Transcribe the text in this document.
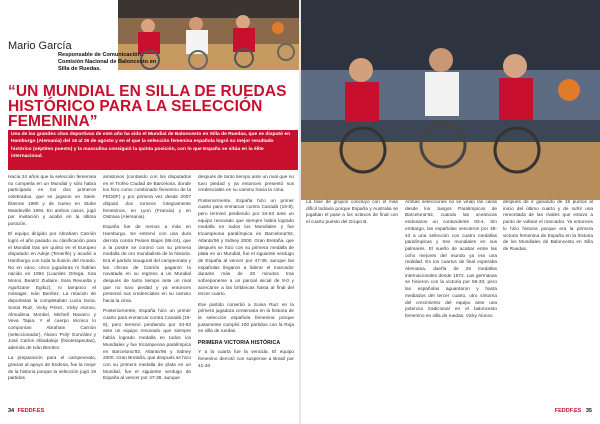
Mario García
Responsable de Comunicación. Comisión Nacional de Baloncesto en Silla de Ruedas.
“UN MUNDIAL EN SILLA DE RUEDAS HISTÓRICO PARA LA SELECCIÓN FEMENINA”
Una de las grandes citas deportivas de este año ha sido el Mundial de Baloncesto en Silla de Ruedas, que se disputó en Hamburgo (Alemania) del 16 al 26 de agosto y en el que la selección femenina española logró su mejor resultado histórico (séptimo puesto) y la masculina consiguió la quinta posición, con lo que España se sitúa en la élite internacional.

Hacía 24 años que la selección femenina no competía en un Mundial y sólo había participado en los dos primeros celebrados, que se jugaron en Saint-Étienne 1990 y de nuevo en Stoke Mandeville 1994. En ambos casos, jugó por invitación y acabó en la última posición.

El equipo dirigido por Abraham Carrión logró el año pasado su clasificación para el Mundial tras ser quinto en el Europeo disputado en Adeje (Tenerife) y acudió a Hamburgo con toda la ilusión del mundo. No en vano, cinco jugadoras ni habían nacido en 1994 (Lourdes Ortega, Sira Moros, Beatriz Zudaire, Sara Revuelta y Agurtzane Egiluz), ni tampoco el mánager, Iván Benítez. La relación de deportistas la completaban Lucía Soria, Sonia Ruiz, Vicky Pérez, Vicky Alonso, Almudena Montiel, Michell Navarro y Veva Tapia. Y el cuerpo técnico lo componían Abraham Carrión (seleccionador), Álvaro ‘Poly’ González y José Carlos Albadalejo (fisioterapeutas), además de Iván Benítez.

La preparación para el campeonato, gracias al apoyo de Endesa, fue la mejor de la historia porque la selección jugó 19 partidos

amistosos (contando con los disputados en el Trofeo Ciudad de Barcelona, donde los hizo como combinado femenino de la FEDDF) y por primera vez desde 2007 disputó dos torneos íntegramente femeninos, en Lyon (Francia) y en Ostrava (Alemania).

España fue de menos a más en Hamburgo. Se estrenó con una dura derrota contra Países Bajos (86-24), que a la postre se coronó con su primera medalla de oro mundialista de la historia. Era el partido inaugural del campeonato y las chicas de Carrión pagaron la novatada en su regreso a un Mundial después de tanto tiempo ante un rival que no tuvo piedad y ya entonces presentó sus credenciales en su camino hacia la cima.

Posteriormente, España hizo un primer cuarto para enmarcar contra Canadá (19-8), pero terminó perdiendo por 34-63 ante un equipo renovado que siempre había logrado medalla en todos los Mundiales y fue tricampeona paralímpica en Barcelona’92, Atlanta’96 y Sidney 2000. Gran Bretaña, que después se hizo con su primera medalla de plata en un Mundial, fue el siguiente verdugo de España al vencer por 47-38, aunque

después de tanto tiempo ante un rival que no tuvo piedad y ya entonces presentó sus credenciales en su camino hacia la cima.

Posteriormente, España hizo un primer cuarto para enmarcar contra Canadá (19-8), pero terminó perdiendo por 34-63 ante un equipo renovado que siempre había logrado medalla en todos los Mundiales y fue tricampeona paralímpica en Barcelona’92, Atlanta’96 y Sidney 2000. Gran Bretaña, que después se hizo con su primera medalla de plata en un Mundial, fue el siguiente verdugo de España al vencer por 47-38, aunque las españolas llegaron a liderar el marcador durante más de 20 minutos tras sobreponerse a un parcial inicial de 8-0 y acercarse a las británicas hasta al final del tercer cuarto.

Ese partido convirtió a Sonia Ruiz en la primera jugadora centenaria en la historia de la selección española femenina porque justamente cumplió 100 partidos con la Roja en silla de ruedas.

PRIMERA VICTORIA HISTÓRICA

Y a la cuarta fue la vencida. El equipo femenino derrotó con suspense a Brasil por 41-40

después de ir ganando de 15 puntos al inicio del último cuarto y de sufrir una remontada de las rivales que estuvo a punto de voltear el marcador. Ya entonces lo hizo historia porque era la primera victoria femenina de España en la historia de los Mundiales de Baloncesto en Silla de Ruedas.

La fase de grupos concluyó con el más difícil todavía porque España y Australia se jugaban el pase a los octavos de final con el cuarto puesto del Grupo B.

Ambas selecciones no se veían las caras desde los Juegos Paralímpicos de Barcelona’92, cuando las oceánicas endosaron un contundente 83-4. Sin embargo, las españolas vencieron por 48-43 a una selección con cuatro medallas paralímpicas y tres mundiales en sus palmarés. El sueño de acabar entre las ocho mejores del mundo ya era una realidad. En los cuartos de final esperaba Alemania, dueña de 26 medallas internacionales desde 1972. Las germanas se hicieron con la victoria por 59-33, pero las españolas aguantaron y hasta mediados del tercer cuarto, otro síntoma del crecimiento del equipo ante una potencia tradicional en el baloncesto femenino en silla de ruedas. Vicky Alonso

34 FEDDF.ES	FEDDF.ES 35
